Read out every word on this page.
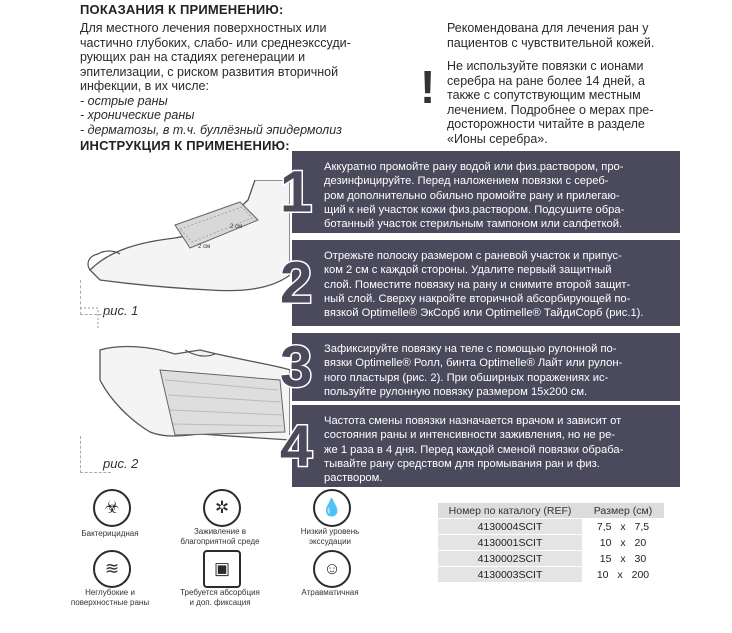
ПОКАЗАНИЯ К ПРИМЕНЕНИЮ:
Для местного лечения поверхностных или
частично глубоких, слабо- или среднеэкссуди-
рующих ран на стадиях регенерации и
эпителизации, с риском развития вторичной
инфекции, в их числе:
- острые раны
- хронические раны
- дерматозы, в т.ч. буллёзный эпидермолиз
Рекомендована для лечения ран у
пациентов с чувствительной кожей.
! Не используйте повязки с ионами
серебра на ране более 14 дней, а
также с сопутствующим местным
лечением. Подробнее о мерах пре-
досторожности читайте в разделе
«Ионы серебра».
ИНСТРУКЦИЯ К ПРИМЕНЕНИЮ:
2 см
2 см
рис. 1
рис. 2
1 Аккуратно промойте рану водой или физ.раствором, про-
дезинфицируйте. Перед наложением повязки с сереб-
ром дополнительно обильно промойте рану и прилегаю-
щий к ней участок кожи физ.раствором. Подсушите обра-
ботанный участок стерильным тампоном или салфеткой.
2 Отрежьте полоску размером с раневой участок и припус-
ком 2 см с каждой стороны. Удалите первый защитный
слой. Поместите повязку на рану и снимите второй защит-
ный слой. Сверху накройте вторичной абсорбирующей по-
вязкой Optimelle® ЭкСорб или Optimelle® ТайдиСорб (рис.1).
3 Зафиксируйте повязку на теле с помощью рулонной по-
вязки Optimelle® Ролл, бинта Optimelle® Лайт или рулон-
ного пластыря (рис. 2). При обширных поражениях ис-
пользуйте рулонную повязку размером 15x200 см.
4 Частота смены повязки назначается врачом и зависит от
состояния раны и интенсивности заживления, но не ре-
же 1 раза в 4 дня. Перед каждой сменой повязки обраба-
тывайте рану средством для промывания ран и физ.
раствором.
☣
Бактерицидная
✲
Заживление в
благоприятной среде
💧
Низкий уровень
экссудации
≋
Неглубокие и
поверхностные раны
▣
Требуется абсорбция
и доп. фиксация
☺
Атравматичная
Номер по каталогу (REF)	Размер (см)
4130004SCIT	7,5 x 7,5
4130001SCIT	10 x 20
4130002SCIT	15 x 30
4130003SCIT	10 x 200
